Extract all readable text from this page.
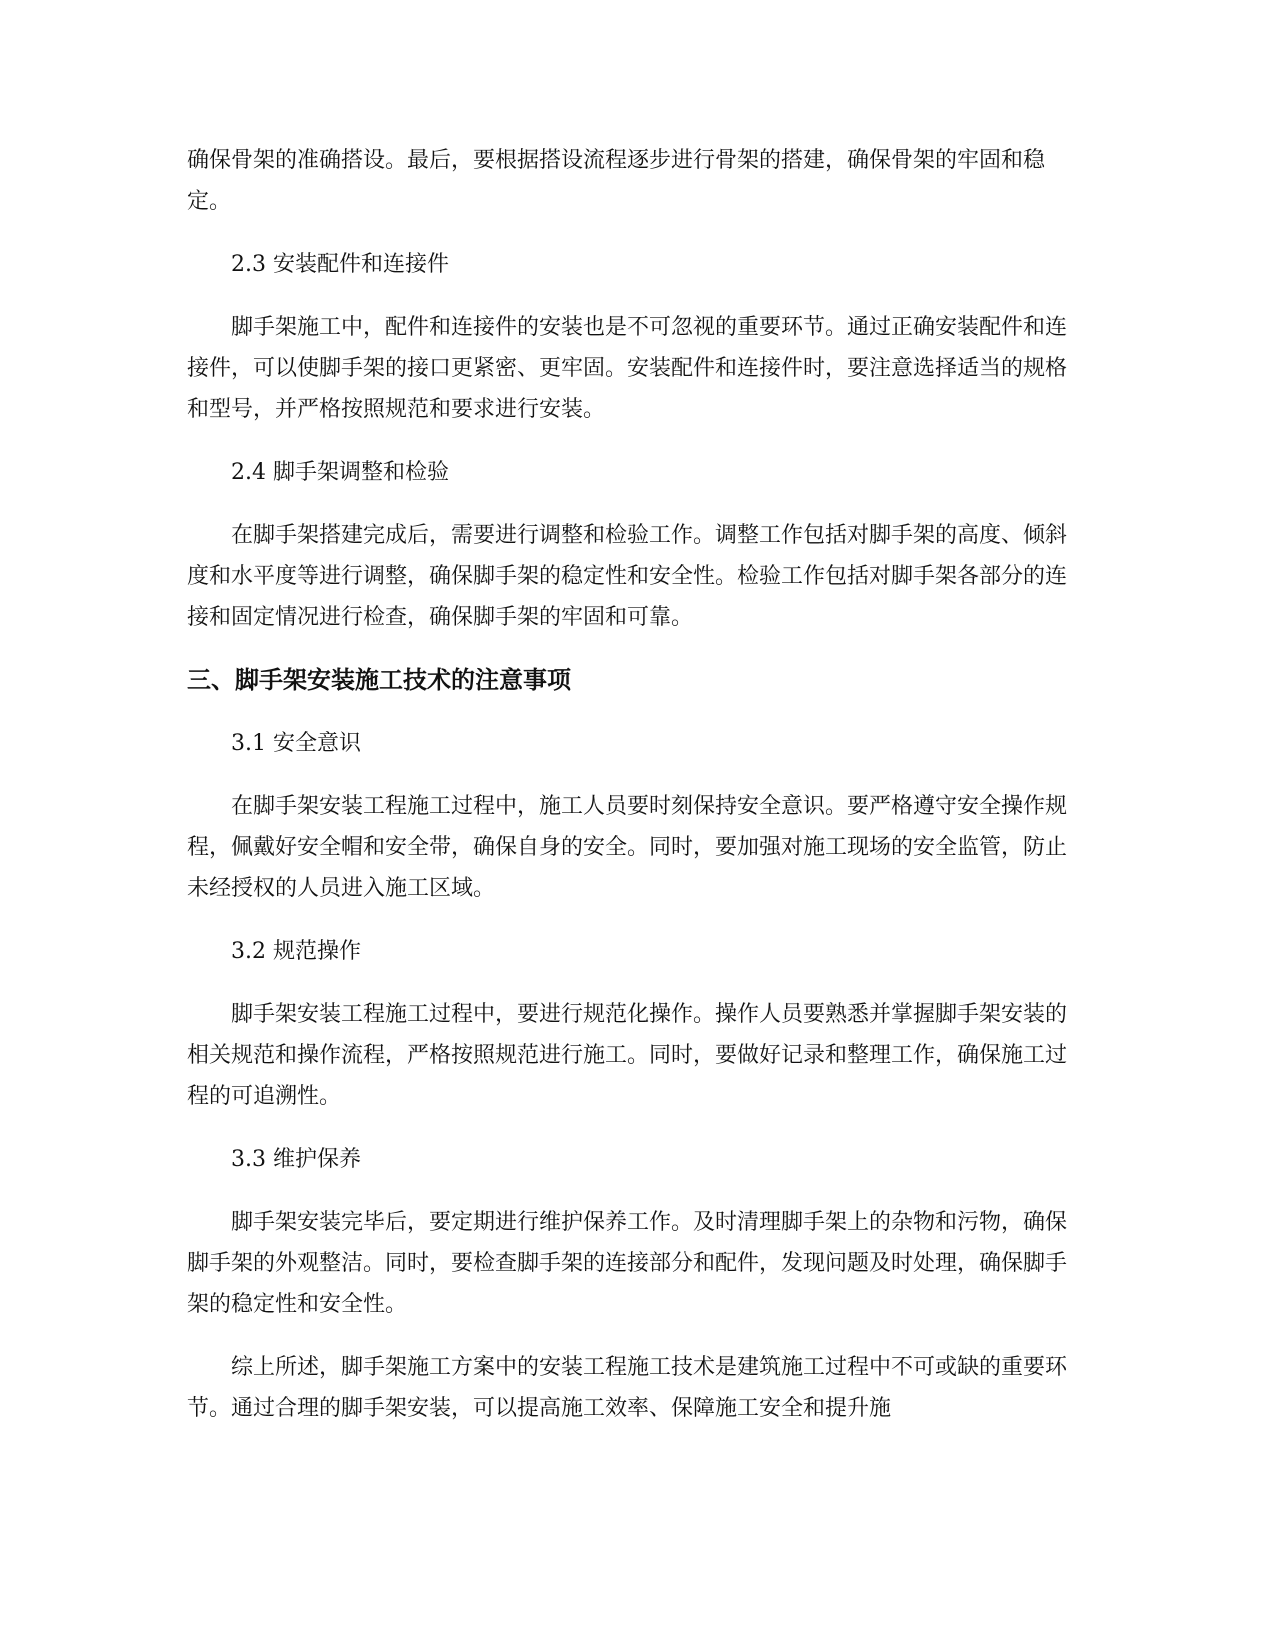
确保骨架的准确搭设。最后，要根据搭设流程逐步进行骨架的搭建，确保骨架的牢固和稳定。

2.3 安装配件和连接件

脚手架施工中，配件和连接件的安装也是不可忽视的重要环节。通过正确安装配件和连接件，可以使脚手架的接口更紧密、更牢固。安装配件和连接件时，要注意选择适当的规格和型号，并严格按照规范和要求进行安装。

2.4 脚手架调整和检验

在脚手架搭建完成后，需要进行调整和检验工作。调整工作包括对脚手架的高度、倾斜度和水平度等进行调整，确保脚手架的稳定性和安全性。检验工作包括对脚手架各部分的连接和固定情况进行检查，确保脚手架的牢固和可靠。

三、脚手架安装施工技术的注意事项

3.1 安全意识

在脚手架安装工程施工过程中，施工人员要时刻保持安全意识。要严格遵守安全操作规程，佩戴好安全帽和安全带，确保自身的安全。同时，要加强对施工现场的安全监管，防止未经授权的人员进入施工区域。

3.2 规范操作

脚手架安装工程施工过程中，要进行规范化操作。操作人员要熟悉并掌握脚手架安装的相关规范和操作流程，严格按照规范进行施工。同时，要做好记录和整理工作，确保施工过程的可追溯性。

3.3 维护保养

脚手架安装完毕后，要定期进行维护保养工作。及时清理脚手架上的杂物和污物，确保脚手架的外观整洁。同时，要检查脚手架的连接部分和配件，发现问题及时处理，确保脚手架的稳定性和安全性。

综上所述，脚手架施工方案中的安装工程施工技术是建筑施工过程中不可或缺的重要环节。通过合理的脚手架安装，可以提高施工效率、保障施工安全和提升施
